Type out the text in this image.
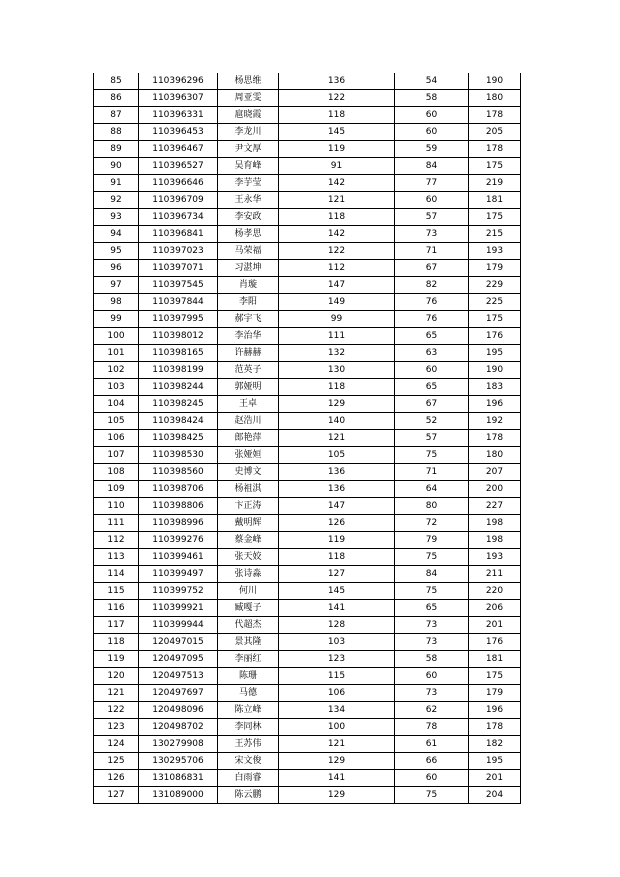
85	110396296	杨思维	136	54	190
86	110396307	周亚雯	122	58	180
87	110396331	扈晓霞	118	60	178
88	110396453	李龙川	145	60	205
89	110396467	尹文厚	119	59	178
90	110396527	吴育峰	91	84	175
91	110396646	李芋莹	142	77	219
92	110396709	王永华	121	60	181
93	110396734	李安政	118	57	175
94	110396841	杨孝思	142	73	215
95	110397023	马荣福	122	71	193
96	110397071	习湛坤	112	67	179
97	110397545	肖璇	147	82	229
98	110397844	李阳	149	76	225
99	110397995	郝宇飞	99	76	175
100	110398012	李治华	111	65	176
101	110398165	许赫赫	132	63	195
102	110398199	范英子	130	60	190
103	110398244	郭娅明	118	65	183
104	110398245	王卓	129	67	196
105	110398424	赵浩川	140	52	192
106	110398425	郎艳萍	121	57	178
107	110398530	张娅姮	105	75	180
108	110398560	史博文	136	71	207
109	110398706	杨祖淇	136	64	200
110	110398806	卞正涛	147	80	227
111	110398996	戴明辉	126	72	198
112	110399276	蔡金峰	119	79	198
113	110399461	张天姣	118	75	193
114	110399497	张诗淼	127	84	211
115	110399752	何川	145	75	220
116	110399921	臧嘎子	141	65	206
117	110399944	代超杰	128	73	201
118	120497015	景其隆	103	73	176
119	120497095	李丽红	123	58	181
120	120497513	陈珊	115	60	175
121	120497697	马德	106	73	179
122	120498096	陈立峰	134	62	196
123	120498702	李同林	100	78	178
124	130279908	王苏伟	121	61	182
125	130295706	宋文俊	129	66	195
126	131086831	白雨睿	141	60	201
127	131089000	陈云鹏	129	75	204
